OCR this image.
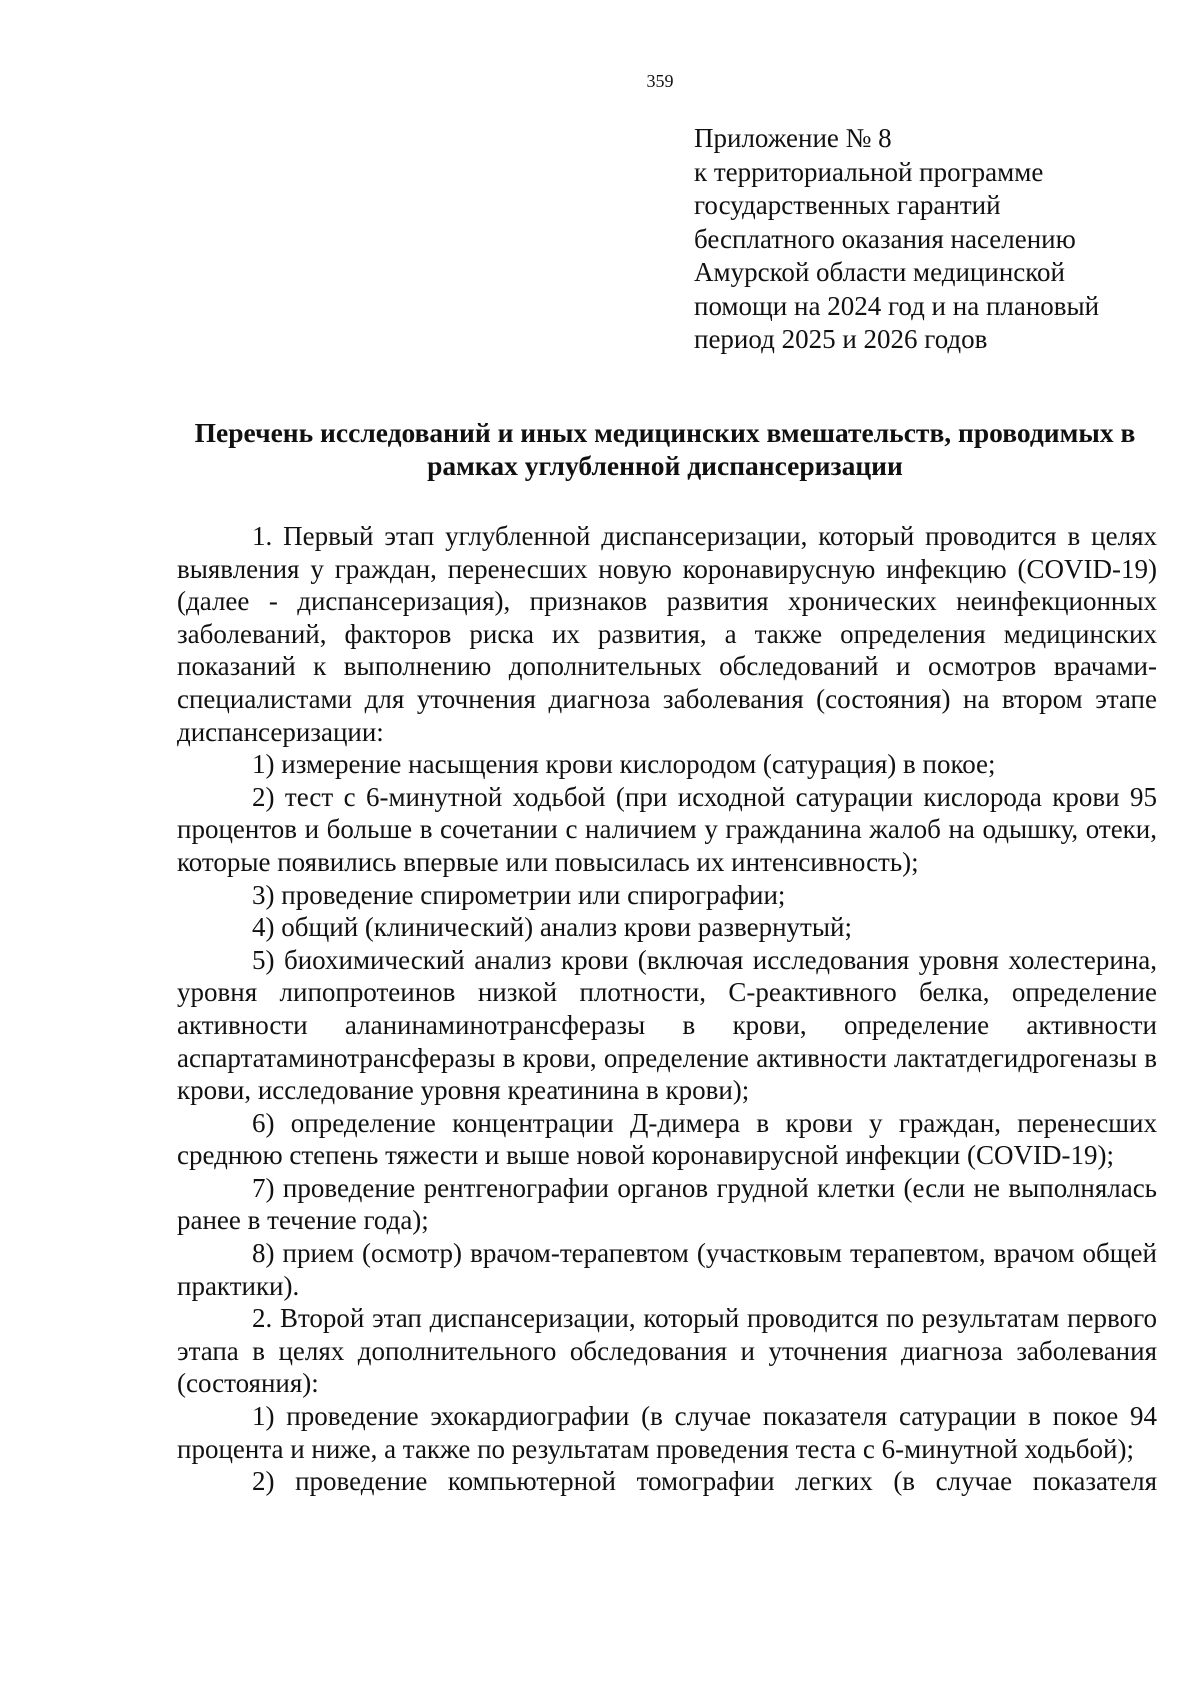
359
Приложение № 8
к территориальной программе
государственных гарантий
бесплатного оказания населению
Амурской области медицинской
помощи на 2024 год и на плановый
период 2025 и 2026 годов
Перечень исследований и иных медицинских вмешательств, проводимых в
рамках углубленной диспансеризации

1. Первый этап углубленной диспансеризации, который проводится в целях выявления у граждан, перенесших новую коронавирусную инфекцию (COVID-19) (далее - диспансеризация), признаков развития хронических неинфекционных заболеваний, факторов риска их развития, а также определения медицинских показаний к выполнению дополнительных обследований и осмотров врачами-специалистами для уточнения диагноза заболевания (состояния) на втором этапе диспансеризации:

1) измерение насыщения крови кислородом (сатурация) в покое;

2) тест с 6-минутной ходьбой (при исходной сатурации кислорода крови 95 процентов и больше в сочетании с наличием у гражданина жалоб на одышку, отеки, которые появились впервые или повысилась их интенсивность);

3) проведение спирометрии или спирографии;

4) общий (клинический) анализ крови развернутый;

5) биохимический анализ крови (включая исследования уровня холестерина, уровня липопротеинов низкой плотности, С-реактивного белка, определение активности аланинаминотрансферазы в крови, определение активности аспартатаминотрансферазы в крови, определение активности лактатдегидрогеназы в крови, исследование уровня креатинина в крови);

6) определение концентрации Д-димера в крови у граждан, перенесших среднюю степень тяжести и выше новой коронавирусной инфекции (COVID-19);

7) проведение рентгенографии органов грудной клетки (если не выполнялась ранее в течение года);

8) прием (осмотр) врачом-терапевтом (участковым терапевтом, врачом общей практики).

2. Второй этап диспансеризации, который проводится по результатам первого этапа в целях дополнительного обследования и уточнения диагноза заболевания (состояния):

1) проведение эхокардиографии (в случае показателя сатурации в покое 94 процента и ниже, а также по результатам проведения теста с 6-минутной ходьбой);

2) проведение компьютерной томографии легких (в случае показателя
